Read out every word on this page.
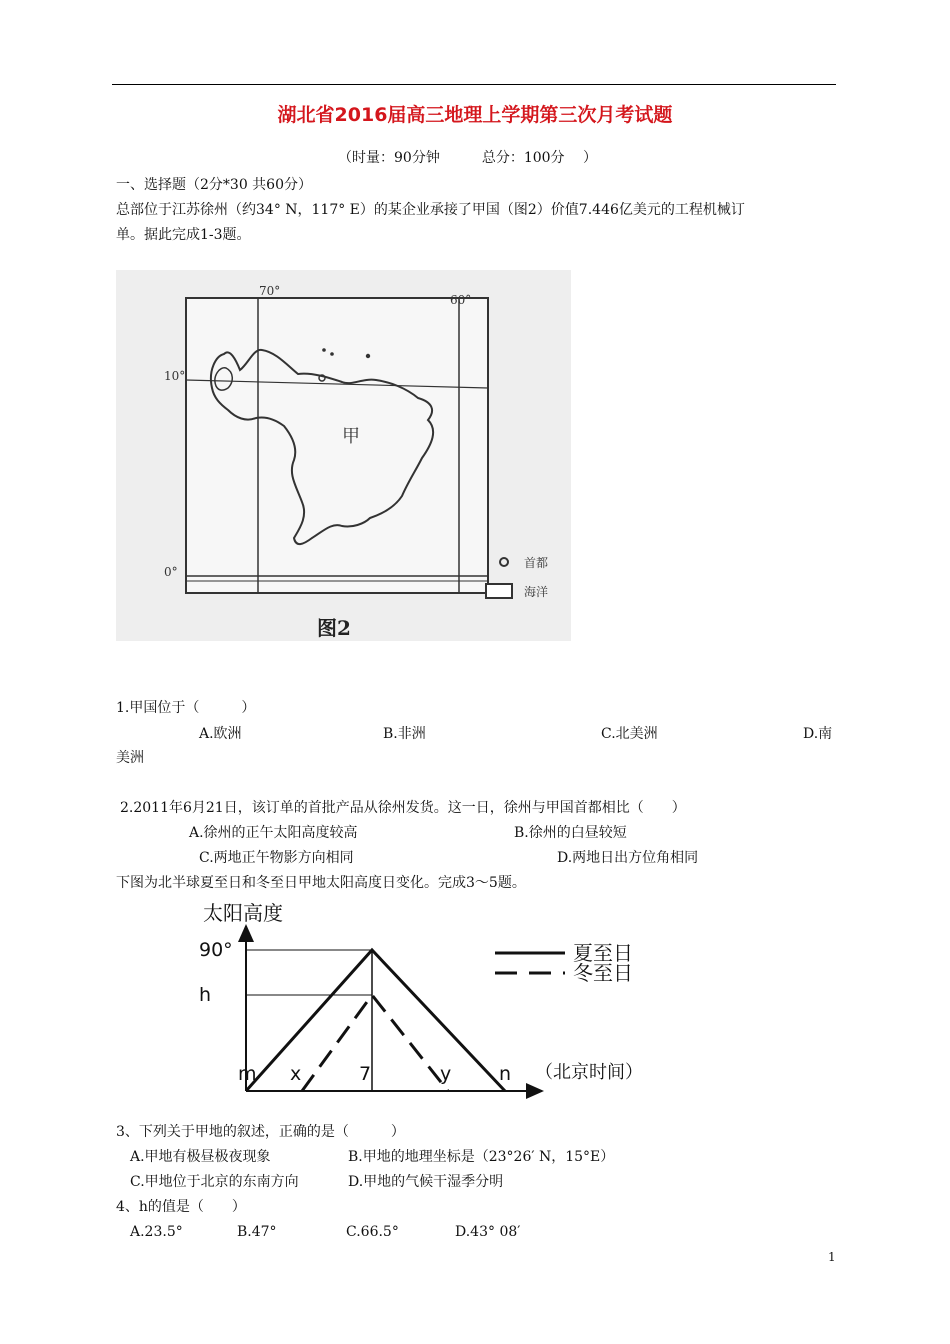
湖北省2016届高三地理上学期第三次月考试题
（时量：90分钟　　　总分：100分　 ）
一、选择题（2分*30 共60分）
总部位于江苏徐州（约34° N，117° E）的某企业承接了甲国（图2）价值7.446亿美元的工程机械订
单。据此完成1-3题。
70°
60°
10°
0°
甲
首都
海洋
图2
1.甲国位于（　　　）
A.欧洲	B.非洲	C.北美洲	D.南
美洲
2.2011年6月21日，该订单的首批产品从徐州发货。这一日，徐州与甲国首都相比（　　）
A.徐州的正午太阳高度较高	B.徐州的白昼较短
C.两地正午物影方向相同	D.两地日出方位角相同
下图为北半球夏至日和冬至日甲地太阳高度日变化。完成3～5题。
太阳高度
（北京时间）
90°
h
夏至日
冬至日
m x	7	y	n
3、下列关于甲地的叙述，正确的是（　　　）
A.甲地有极昼极夜现象	B.甲地的地理坐标是（23°26′ N，15°E）
C.甲地位于北京的东南方向	D.甲地的气候干湿季分明
4、h的值是（　　）
A.23.5°	B.47°	C.66.5°	D.43° 08′
1
